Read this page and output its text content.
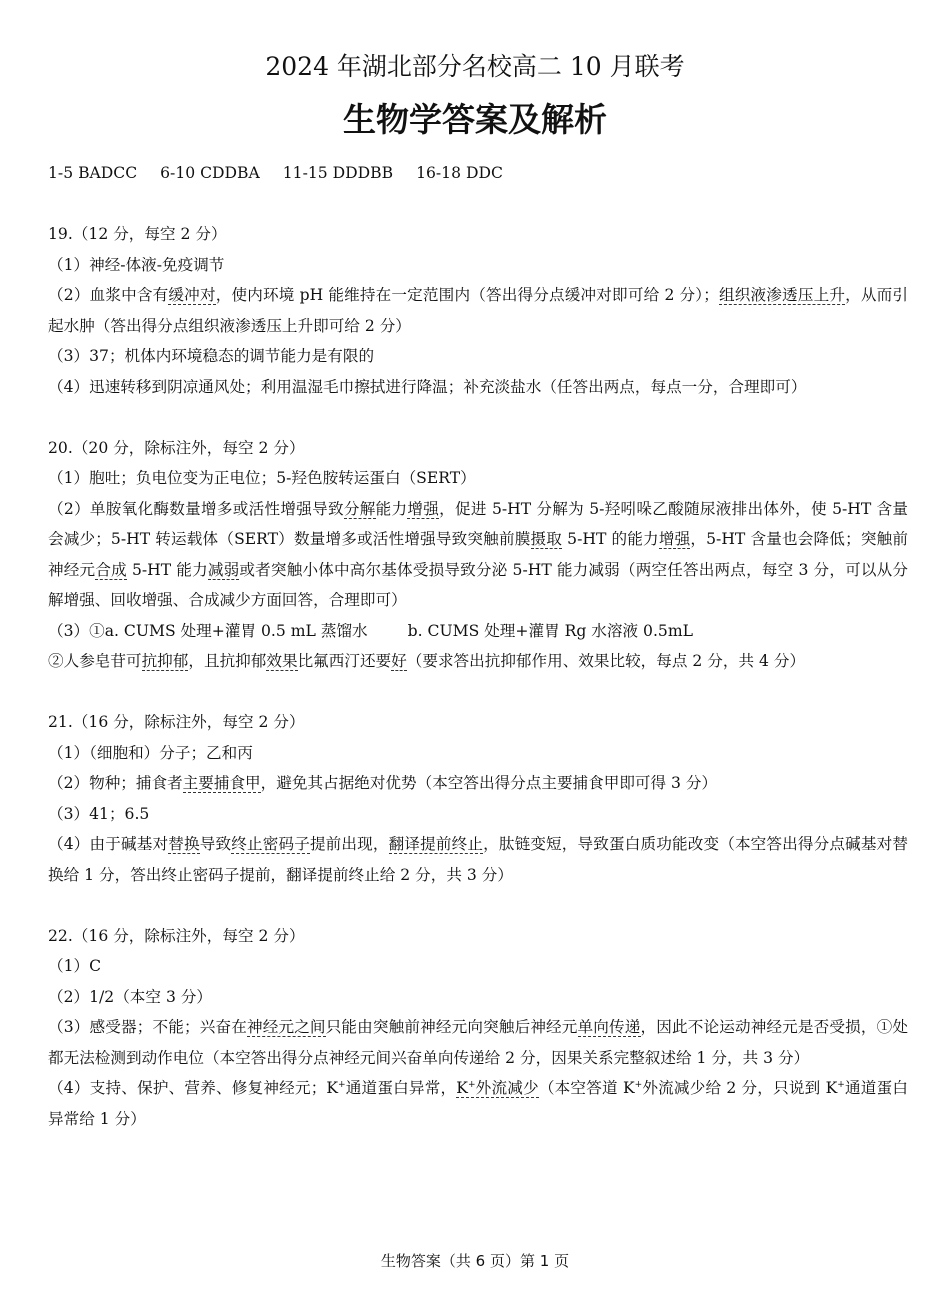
2024 年湖北部分名校高二 10 月联考
生物学答案及解析
1-5 BADCC 6-10 CDDBA 11-15 DDDBB 16-18 DDC
19.（12 分，每空 2 分）
（1）神经-体液-免疫调节
（2）血浆中含有缓冲对，使内环境 pH 能维持在一定范围内（答出得分点缓冲对即可给 2 分）；组织液渗透压上升，从而引起水肿（答出得分点组织液渗透压上升即可给 2 分）
（3）37；机体内环境稳态的调节能力是有限的
（4）迅速转移到阴凉通风处；利用温湿毛巾擦拭进行降温；补充淡盐水（任答出两点，每点一分，合理即可）
20.（20 分，除标注外，每空 2 分）
（1）胞吐；负电位变为正电位；5-羟色胺转运蛋白（SERT）
（2）单胺氧化酶数量增多或活性增强导致分解能力增强，促进 5-HT 分解为 5-羟吲哚乙酸随尿液排出体外，使 5-HT 含量会减少；5-HT 转运载体（SERT）数量增多或活性增强导致突触前膜摄取 5-HT 的能力增强，5-HT 含量也会降低；突触前神经元合成 5-HT 能力减弱或者突触小体中高尔基体受损导致分泌 5-HT 能力减弱（两空任答出两点，每空 3 分，可以从分解增强、回收增强、合成减少方面回答，合理即可）
（3）①a. CUMS 处理+灌胃 0.5 mL 蒸馏水	b. CUMS 处理+灌胃 Rg 水溶液 0.5mL
②人参皂苷可抗抑郁，且抗抑郁效果比氟西汀还要好（要求答出抗抑郁作用、效果比较，每点 2 分，共 4 分）
21.（16 分，除标注外，每空 2 分）
（1）（细胞和）分子；乙和丙
（2）物种；捕食者主要捕食甲，避免其占据绝对优势（本空答出得分点主要捕食甲即可得 3 分）
（3）41；6.5
（4）由于碱基对替换导致终止密码子提前出现，翻译提前终止，肽链变短，导致蛋白质功能改变（本空答出得分点碱基对替换给 1 分，答出终止密码子提前，翻译提前终止给 2 分，共 3 分）
22.（16 分，除标注外，每空 2 分）
（1）C
（2）1/2（本空 3 分）
（3）感受器；不能；兴奋在神经元之间只能由突触前神经元向突触后神经元单向传递，因此不论运动神经元是否受损，①处都无法检测到动作电位（本空答出得分点神经元间兴奋单向传递给 2 分，因果关系完整叙述给 1 分，共 3 分）
（4）支持、保护、营养、修复神经元；K+通道蛋白异常，K+外流减少（本空答道 K+外流减少给 2 分，只说到 K+通道蛋白异常给 1 分）
生物答案（共 6 页）第 1 页
